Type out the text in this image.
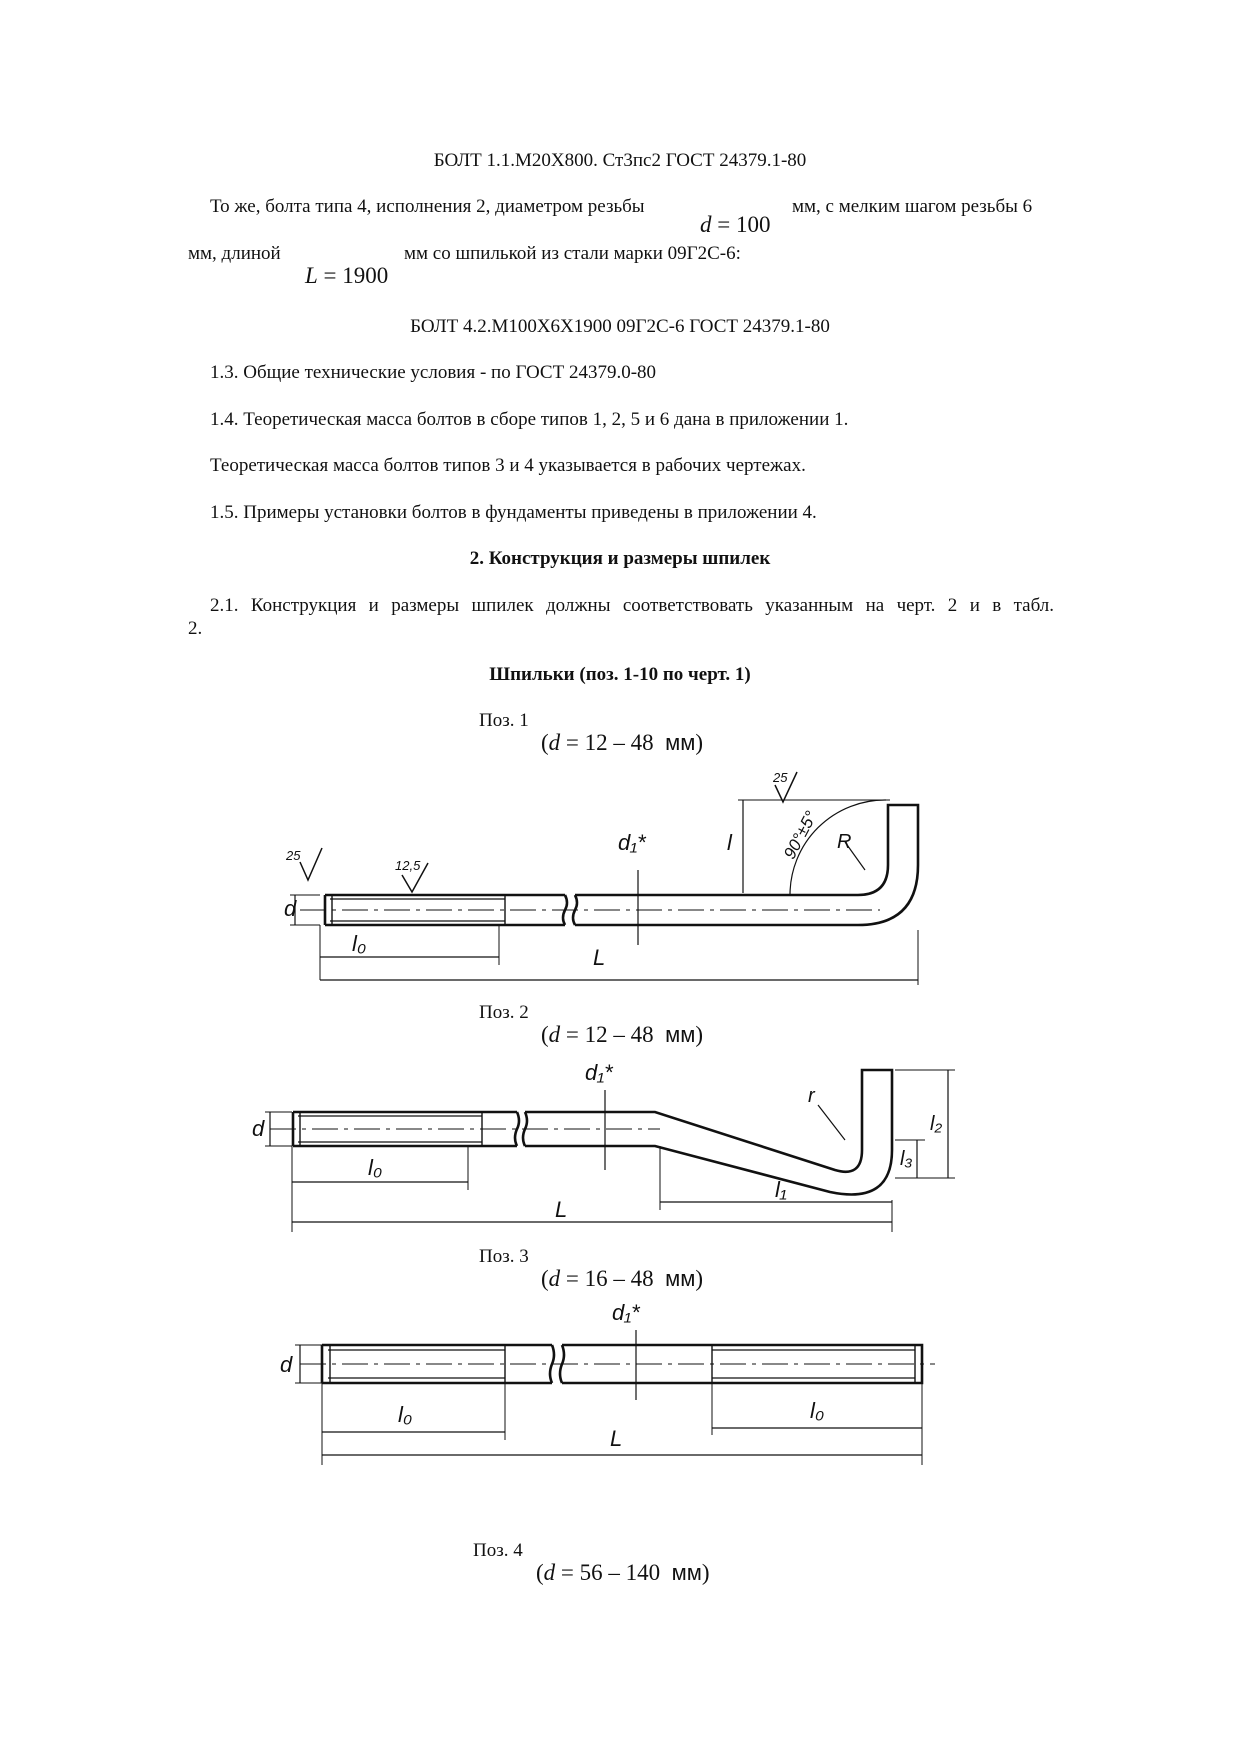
БОЛТ 1.1.М20Х800. Ст3пс2 ГОСТ 24379.1-80
То же, болта типа 4, исполнения 2, диаметром резьбы
d = 100
мм, с мелким шагом резьбы 6
мм, длиной
L = 1900
мм со шпилькой из стали марки 09Г2С-6:
БОЛТ 4.2.М100Х6Х1900 09Г2С-6 ГОСТ 24379.1-80
1.3. Общие технические условия - по ГОСТ 24379.0-80
1.4. Теоретическая масса болтов в сборе типов 1, 2, 5 и 6 дана в приложении 1.
Теоретическая масса болтов типов 3 и 4 указывается в рабочих чертежах.
1.5. Примеры установки болтов в фундаменты приведены в приложении 4.
2. Конструкция и размеры шпилек
2.1. Конструкция и размеры шпилек должны соответствовать указанным на черт. 2 и в табл.
2.
Шпильки (поз. 1-10 по черт. 1)
Поз. 1
(d = 12 – 48 мм)
Поз. 2
(d = 12 – 48 мм)
Поз. 3
(d = 16 – 48 мм)
Поз. 4
(d = 56 – 140 мм)
l₀
L
d
d₁*	l	R
90°±5°
25
12,5
25
l₀
L
l₁
d
d₁*
r
l₂
l₃
l₀
L
l₀
d
d₁*
